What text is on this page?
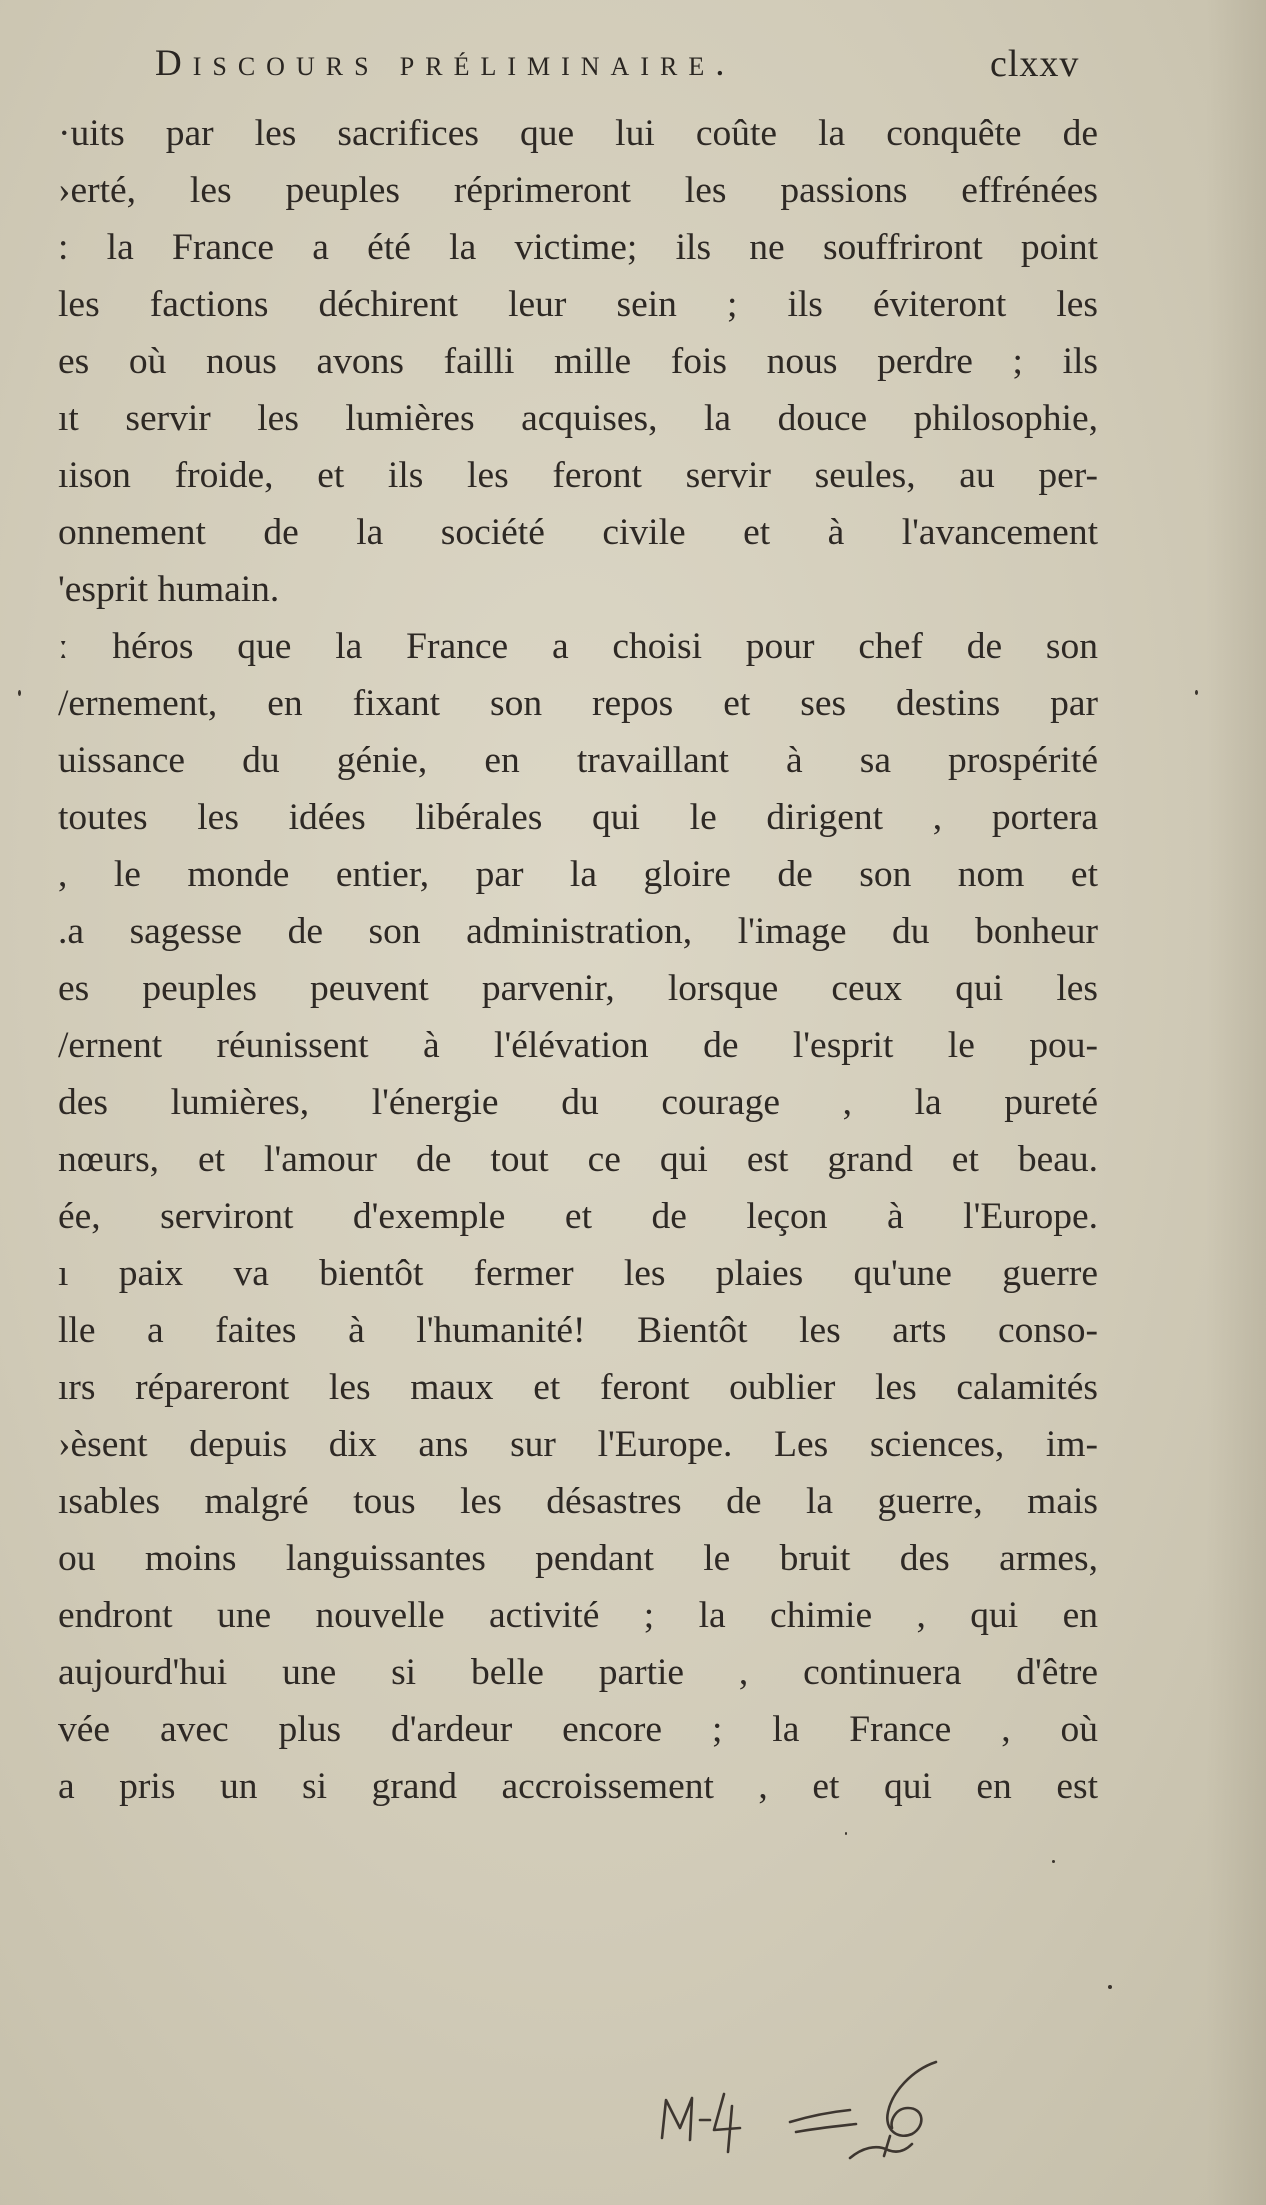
Discours préliminaire.	clxxv
·uits par les sacrifices que lui coûte la conquête de
›erté, les peuples réprimeront les passions effrénées
: la France a été la victime; ils ne souffriront point
les factions déchirent leur sein ; ils éviteront les
es où nous avons failli mille fois nous perdre ; ils
ıt servir les lumières acquises, la douce philosophie,
ıison froide, et ils les feront servir seules, au per-
onnement de la société civile et à l'avancement
'esprit humain.
ː héros que la France a choisi pour chef de son
/ernement, en fixant son repos et ses destins par
uissance du génie, en travaillant à sa prospérité
toutes les idées libérales qui le dirigent , portera
, le monde entier, par la gloire de son nom et
.a sagesse de son administration, l'image du bonheur
es peuples peuvent parvenir, lorsque ceux qui les
/ernent réunissent à l'élévation de l'esprit le pou-
des lumières, l'énergie du courage , la pureté
nœurs, et l'amour de tout ce qui est grand et beau.
ée, serviront d'exemple et de leçon à l'Europe.
ı paix va bientôt fermer les plaies qu'une guerre
lle a faites à l'humanité! Bientôt les arts conso-
ırs répareront les maux et feront oublier les calamités
›èsent depuis dix ans sur l'Europe. Les sciences, im-
ısables malgré tous les désastres de la guerre, mais
ou moins languissantes pendant le bruit des armes,
endront une nouvelle activité ; la chimie , qui en
aujourd'hui une si belle partie , continuera d'être
vée avec plus d'ardeur encore ; la France , où
a pris un si grand accroissement , et qui en est
